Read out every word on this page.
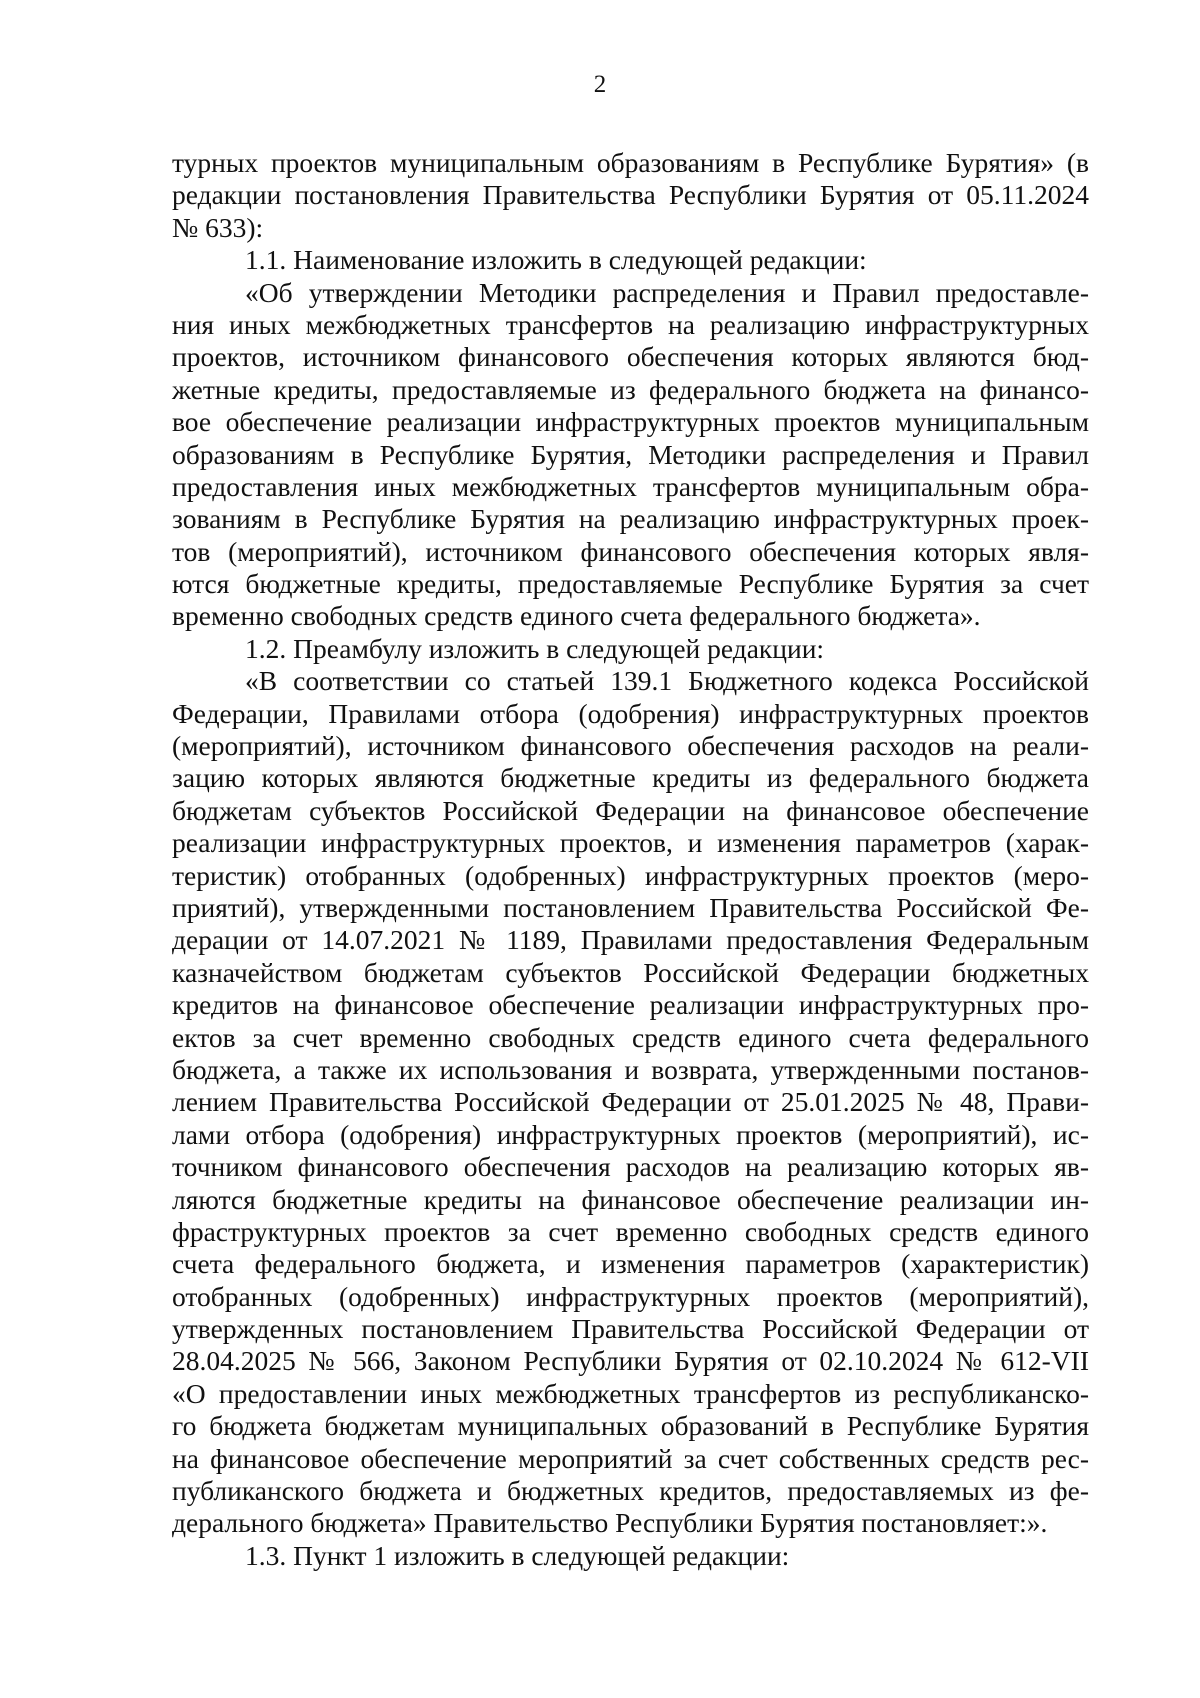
2
турных проектов муниципальным образованиям в Республике Бурятия» (в
редакции постановления Правительства Республики Бурятия от 05.11.2024
№ 633):
1.1. Наименование изложить в следующей редакции:
«Об утверждении Методики распределения и Правил предоставле-
ния иных межбюджетных трансфертов на реализацию инфраструктурных
проектов, источником финансового обеспечения которых являются бюд-
жетные кредиты, предоставляемые из федерального бюджета на финансо-
вое обеспечение реализации инфраструктурных проектов муниципальным
образованиям в Республике Бурятия, Методики распределения и Правил
предоставления иных межбюджетных трансфертов муниципальным обра-
зованиям в Республике Бурятия на реализацию инфраструктурных проек-
тов (мероприятий), источником финансового обеспечения которых явля-
ются бюджетные кредиты, предоставляемые Республике Бурятия за счет
временно свободных средств единого счета федерального бюджета».
1.2. Преамбулу изложить в следующей редакции:
«В соответствии со статьей 139.1 Бюджетного кодекса Российской
Федерации, Правилами отбора (одобрения) инфраструктурных проектов
(мероприятий), источником финансового обеспечения расходов на реали-
зацию которых являются бюджетные кредиты из федерального бюджета
бюджетам субъектов Российской Федерации на финансовое обеспечение
реализации инфраструктурных проектов, и изменения параметров (харак-
теристик) отобранных (одобренных) инфраструктурных проектов (меро-
приятий), утвержденными постановлением Правительства Российской Фе-
дерации от 14.07.2021 № 1189, Правилами предоставления Федеральным
казначейством бюджетам субъектов Российской Федерации бюджетных
кредитов на финансовое обеспечение реализации инфраструктурных про-
ектов за счет временно свободных средств единого счета федерального
бюджета, а также их использования и возврата, утвержденными постанов-
лением Правительства Российской Федерации от 25.01.2025 № 48, Прави-
лами отбора (одобрения) инфраструктурных проектов (мероприятий), ис-
точником финансового обеспечения расходов на реализацию которых яв-
ляются бюджетные кредиты на финансовое обеспечение реализации ин-
фраструктурных проектов за счет временно свободных средств единого
счета федерального бюджета, и изменения параметров (характеристик)
отобранных (одобренных) инфраструктурных проектов (мероприятий),
утвержденных постановлением Правительства Российской Федерации от
28.04.2025 № 566, Законом Республики Бурятия от 02.10.2024 № 612-VII
«О предоставлении иных межбюджетных трансфертов из республиканско-
го бюджета бюджетам муниципальных образований в Республике Бурятия
на финансовое обеспечение мероприятий за счет собственных средств рес-
публиканского бюджета и бюджетных кредитов, предоставляемых из фе-
дерального бюджета» Правительство Республики Бурятия постановляет:».
1.3. Пункт 1 изложить в следующей редакции:
